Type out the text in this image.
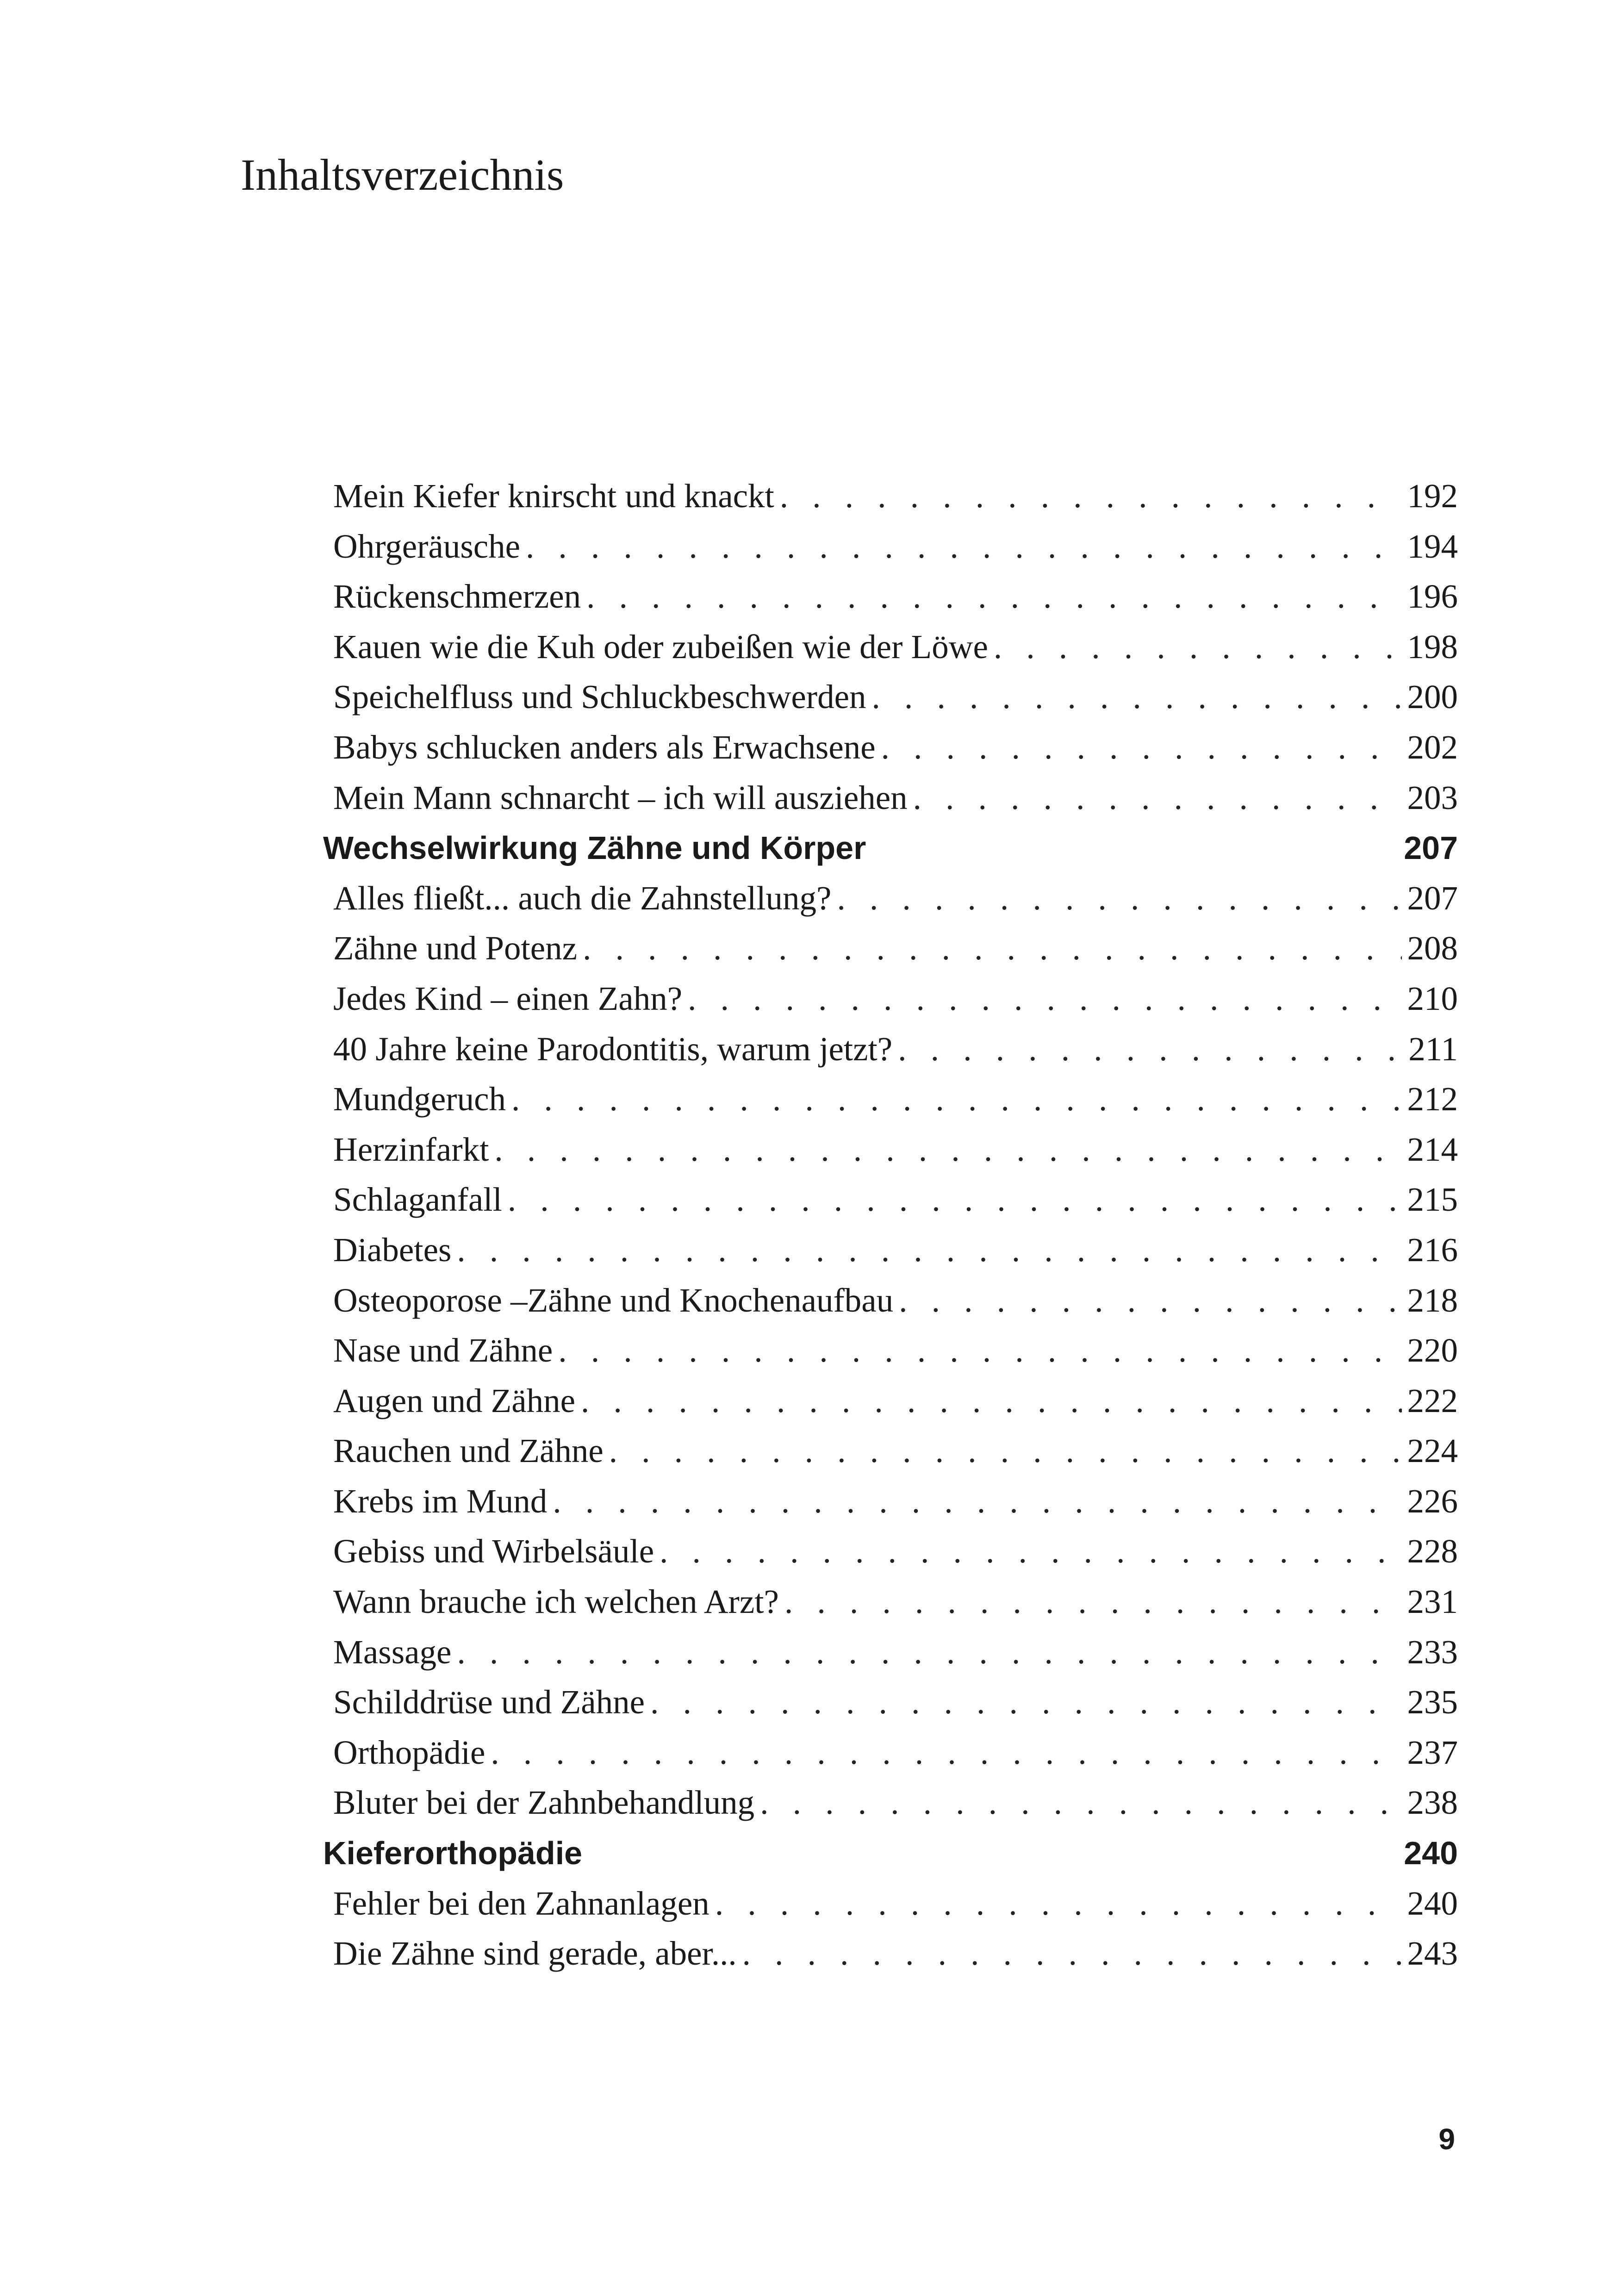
Inhaltsverzeichnis
Mein Kiefer knirscht und knackt . . .	192
Ohrgeräusche . . .	194
Rückenschmerzen . . .	196
Kauen wie die Kuh oder zubeißen wie der Löwe . . .	198
Speichelfluss und Schluckbeschwerden . . .	200
Babys schlucken anders als Erwachsene . . .	202
Mein Mann schnarcht – ich will ausziehen . . .	203
Wechselwirkung Zähne und Körper	207
Alles fließt... auch die Zahnstellung? . . .	207
Zähne und Potenz . . .	208
Jedes Kind – einen Zahn? . . .	210
40 Jahre keine Parodontitis, warum jetzt? . . .	211
Mundgeruch . . .	212
Herzinfarkt . . .	214
Schlaganfall . . .	215
Diabetes . . .	216
Osteoporose –Zähne und Knochenaufbau . . .	218
Nase und Zähne . . .	220
Augen und Zähne . . .	222
Rauchen und Zähne . . .	224
Krebs im Mund . . .	226
Gebiss und Wirbelsäule . . .	228
Wann brauche ich welchen Arzt? . . .	231
Massage . . .	233
Schilddrüse und Zähne . . .	235
Orthopädie . . .	237
Bluter bei der Zahnbehandlung . . .	238
Kieferorthopädie	240
Fehler bei den Zahnanlagen . . .	240
Die Zähne sind gerade, aber... . . .	243
9
